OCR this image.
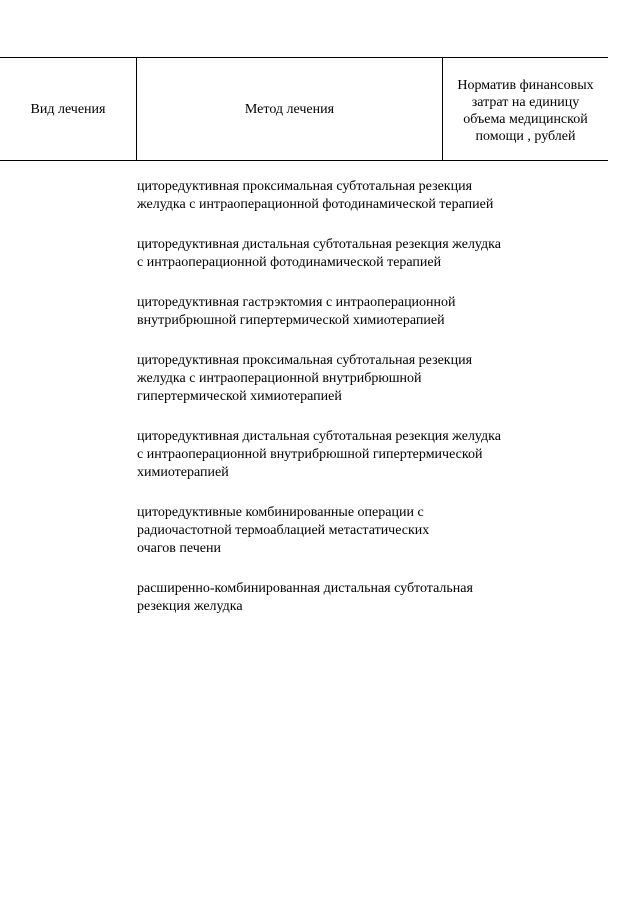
Вид лечения	Метод лечения
Норматив финансовых затрат на единицу объема медицинской помощи , рублей
циторедуктивная проксимальная субтотальная резекция
желудка с интраоперационной фотодинамической терапией
циторедуктивная дистальная субтотальная резекция желудка
с интраоперационной фотодинамической терапией
циторедуктивная гастрэктомия с интраоперационной
внутрибрюшной гипертермической химиотерапией
циторедуктивная проксимальная субтотальная резекция
желудка с интраоперационной внутрибрюшной
гипертермической химиотерапией
циторедуктивная дистальная субтотальная резекция желудка
с интраоперационной внутрибрюшной гипертермической
химиотерапией
циторедуктивные комбинированные операции с
радиочастотной термоаблацией метастатических
очагов печени
расширенно-комбинированная дистальная субтотальная
резекция желудка
